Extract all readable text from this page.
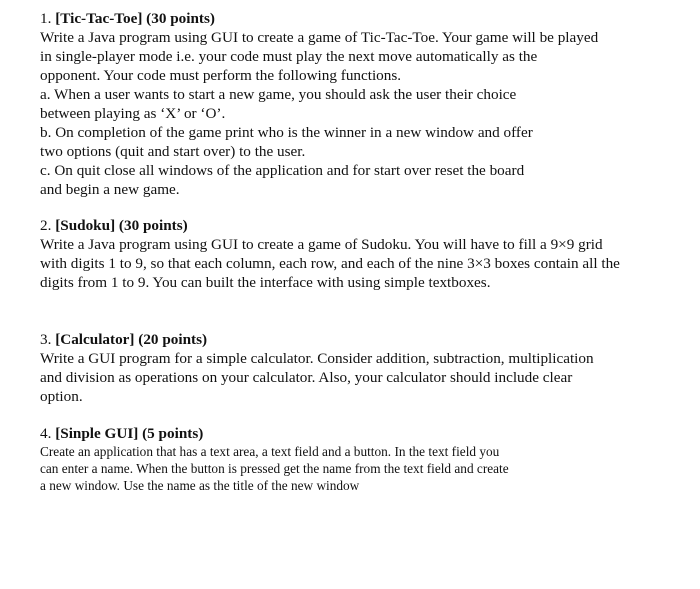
1. [Tic-Tac-Toe] (30 points)
Write a Java program using GUI to create a game of Tic-Tac-Toe. Your game will be played
in single-player mode i.e. your code must play the next move automatically as the
opponent. Your code must perform the following functions.
a. When a user wants to start a new game, you should ask the user their choice
between playing as ‘X’ or ‘O’.
b. On completion of the game print who is the winner in a new window and offer
two options (quit and start over) to the user.
c. On quit close all windows of the application and for start over reset the board
and begin a new game.
2. [Sudoku] (30 points)
Write a Java program using GUI to create a game of Sudoku. You will have to fill a 9×9 grid
with digits 1 to 9, so that each column, each row, and each of the nine 3×3 boxes contain all the
digits from 1 to 9. You can built the interface with using simple textboxes.
3. [Calculator] (20 points)
Write a GUI program for a simple calculator. Consider addition, subtraction, multiplication
and division as operations on your calculator. Also, your calculator should include clear
option.
4. [Sinple GUI] (5 points)
Create an application that has a text area, a text field and a button. In the text field you
can enter a name. When the button is pressed get the name from the text field and create
a new window. Use the name as the title of the new window
